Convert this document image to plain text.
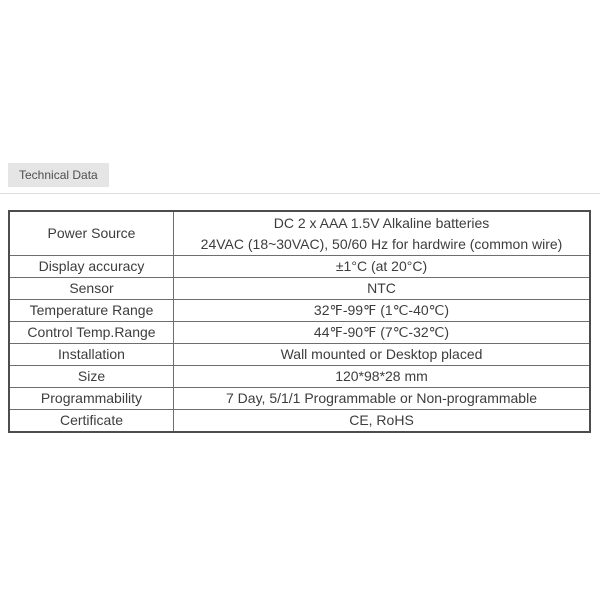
Technical Data
Power Source	DC 2 x AAA 1.5V Alkaline batteries
24VAC (18~30VAC), 50/60 Hz for hardwire (common wire)

Display accuracy	±1°C (at 20°C)
Sensor	NTC
Temperature Range	32℉-99℉ (1℃-40℃)
Control Temp.Range	44℉-90℉ (7℃-32℃)
Installation	Wall mounted or Desktop placed
Size	120*98*28 mm
Programmability	7 Day, 5/1/1 Programmable or Non-programmable
Certificate	CE, RoHS
